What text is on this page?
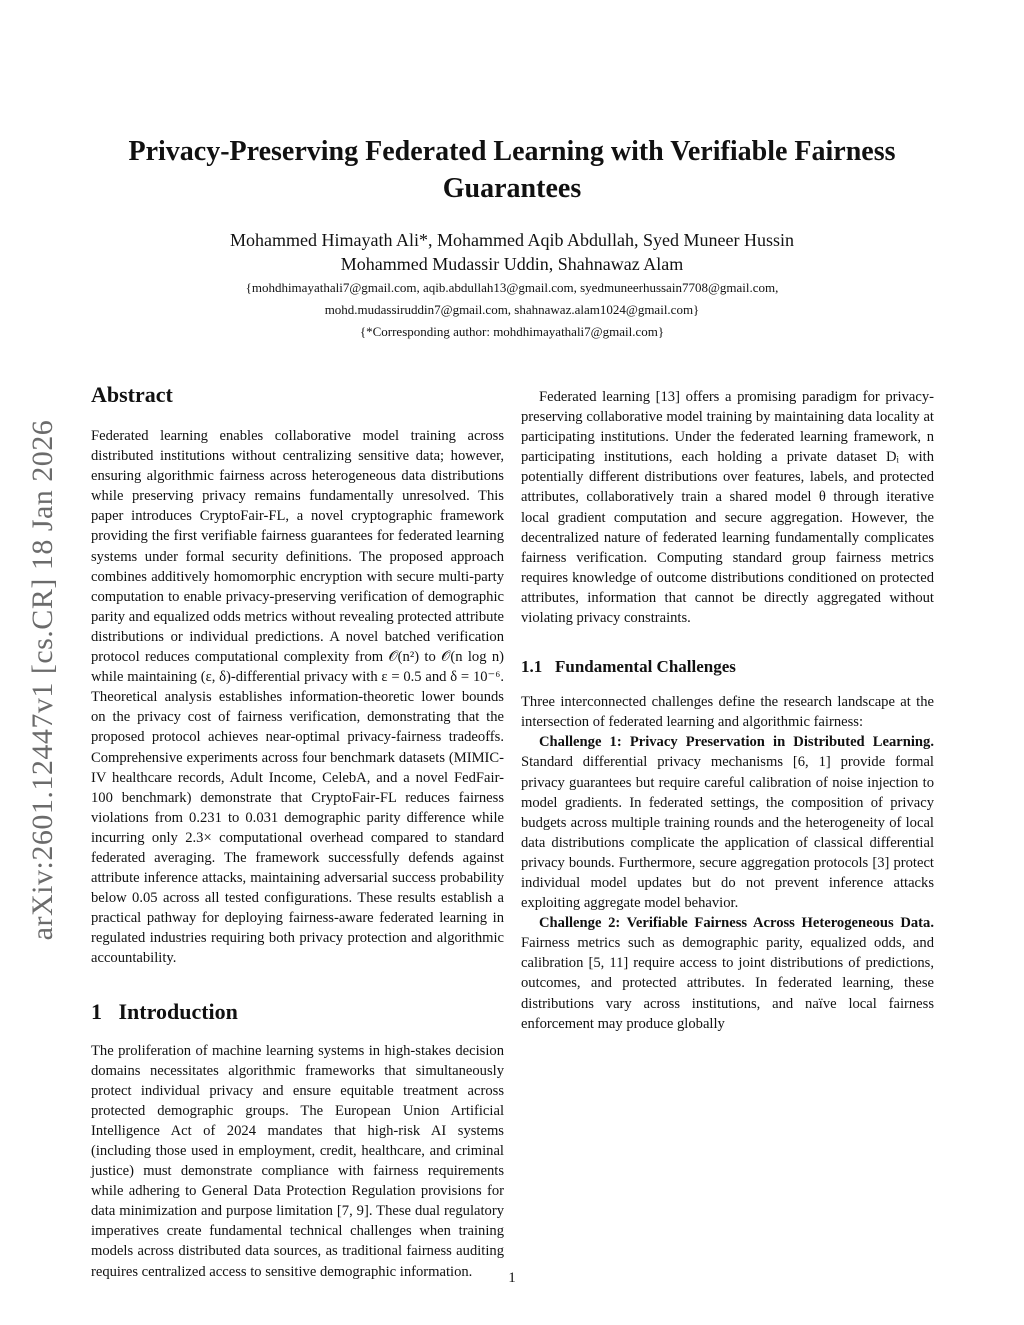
arXiv:2601.12447v1 [cs.CR] 18 Jan 2026
Privacy-Preserving Federated Learning with Verifiable Fairness Guarantees
Mohammed Himayath Ali*, Mohammed Aqib Abdullah, Syed Muneer Hussin
Mohammed Mudassir Uddin, Shahnawaz Alam
{mohdhimayathali7@gmail.com, aqib.abdullah13@gmail.com, syedmuneerhussain7708@gmail.com,
mohd.mudassiruddin7@gmail.com, shahnawaz.alam1024@gmail.com}
{*Corresponding author: mohdhimayathali7@gmail.com}
Abstract

Federated learning enables collaborative model training across distributed institutions without centralizing sensitive data; however, ensuring algorithmic fairness across heterogeneous data distributions while preserving privacy remains fundamentally unresolved. This paper introduces CryptoFair-FL, a novel cryptographic framework providing the first verifiable fairness guarantees for federated learning systems under formal security definitions. The proposed approach combines additively homomorphic encryption with secure multi-party computation to enable privacy-preserving verification of demographic parity and equalized odds metrics without revealing protected attribute distributions or individual predictions. A novel batched verification protocol reduces computational complexity from 𝒪(n²) to 𝒪(n log n) while maintaining (ε, δ)-differential privacy with ε = 0.5 and δ = 10⁻⁶. Theoretical analysis establishes information-theoretic lower bounds on the privacy cost of fairness verification, demonstrating that the proposed protocol achieves near-optimal privacy-fairness tradeoffs. Comprehensive experiments across four benchmark datasets (MIMIC-IV healthcare records, Adult Income, CelebA, and a novel FedFair-100 benchmark) demonstrate that CryptoFair-FL reduces fairness violations from 0.231 to 0.031 demographic parity difference while incurring only 2.3× computational overhead compared to standard federated averaging. The framework successfully defends against attribute inference attacks, maintaining adversarial success probability below 0.05 across all tested configurations. These results establish a practical pathway for deploying fairness-aware federated learning in regulated industries requiring both privacy protection and algorithmic accountability.

1 Introduction

The proliferation of machine learning systems in high-stakes decision domains necessitates algorithmic frameworks that simultaneously protect individual privacy and ensure equitable treatment across protected demographic groups. The European Union Artificial Intelligence Act of 2024 mandates that high-risk AI systems (including those used in employment, credit, healthcare, and criminal justice) must demonstrate compliance with fairness requirements while adhering to General Data Protection Regulation provisions for data minimization and purpose limitation [7, 9]. These dual regulatory imperatives create fundamental technical challenges when training models across distributed data sources, as traditional fairness auditing requires centralized access to sensitive demographic information.

Federated learning [13] offers a promising paradigm for privacy-preserving collaborative model training by maintaining data locality at participating institutions. Under the federated learning framework, n participating institutions, each holding a private dataset Dᵢ with potentially different distributions over features, labels, and protected attributes, collaboratively train a shared model θ through iterative local gradient computation and secure aggregation. However, the decentralized nature of federated learning fundamentally complicates fairness verification. Computing standard group fairness metrics requires knowledge of outcome distributions conditioned on protected attributes, information that cannot be directly aggregated without violating privacy constraints.

1.1 Fundamental Challenges

Three interconnected challenges define the research landscape at the intersection of federated learning and algorithmic fairness:

Challenge 1: Privacy Preservation in Distributed Learning. Standard differential privacy mechanisms [6, 1] provide formal privacy guarantees but require careful calibration of noise injection to model gradients. In federated settings, the composition of privacy budgets across multiple training rounds and the heterogeneity of local data distributions complicate the application of classical differential privacy bounds. Furthermore, secure aggregation protocols [3] protect individual model updates but do not prevent inference attacks exploiting aggregate model behavior.

Challenge 2: Verifiable Fairness Across Heterogeneous Data. Fairness metrics such as demographic parity, equalized odds, and calibration [5, 11] require access to joint distributions of predictions, outcomes, and protected attributes. In federated learning, these distributions vary across institutions, and naïve local fairness enforcement may produce globally

1
